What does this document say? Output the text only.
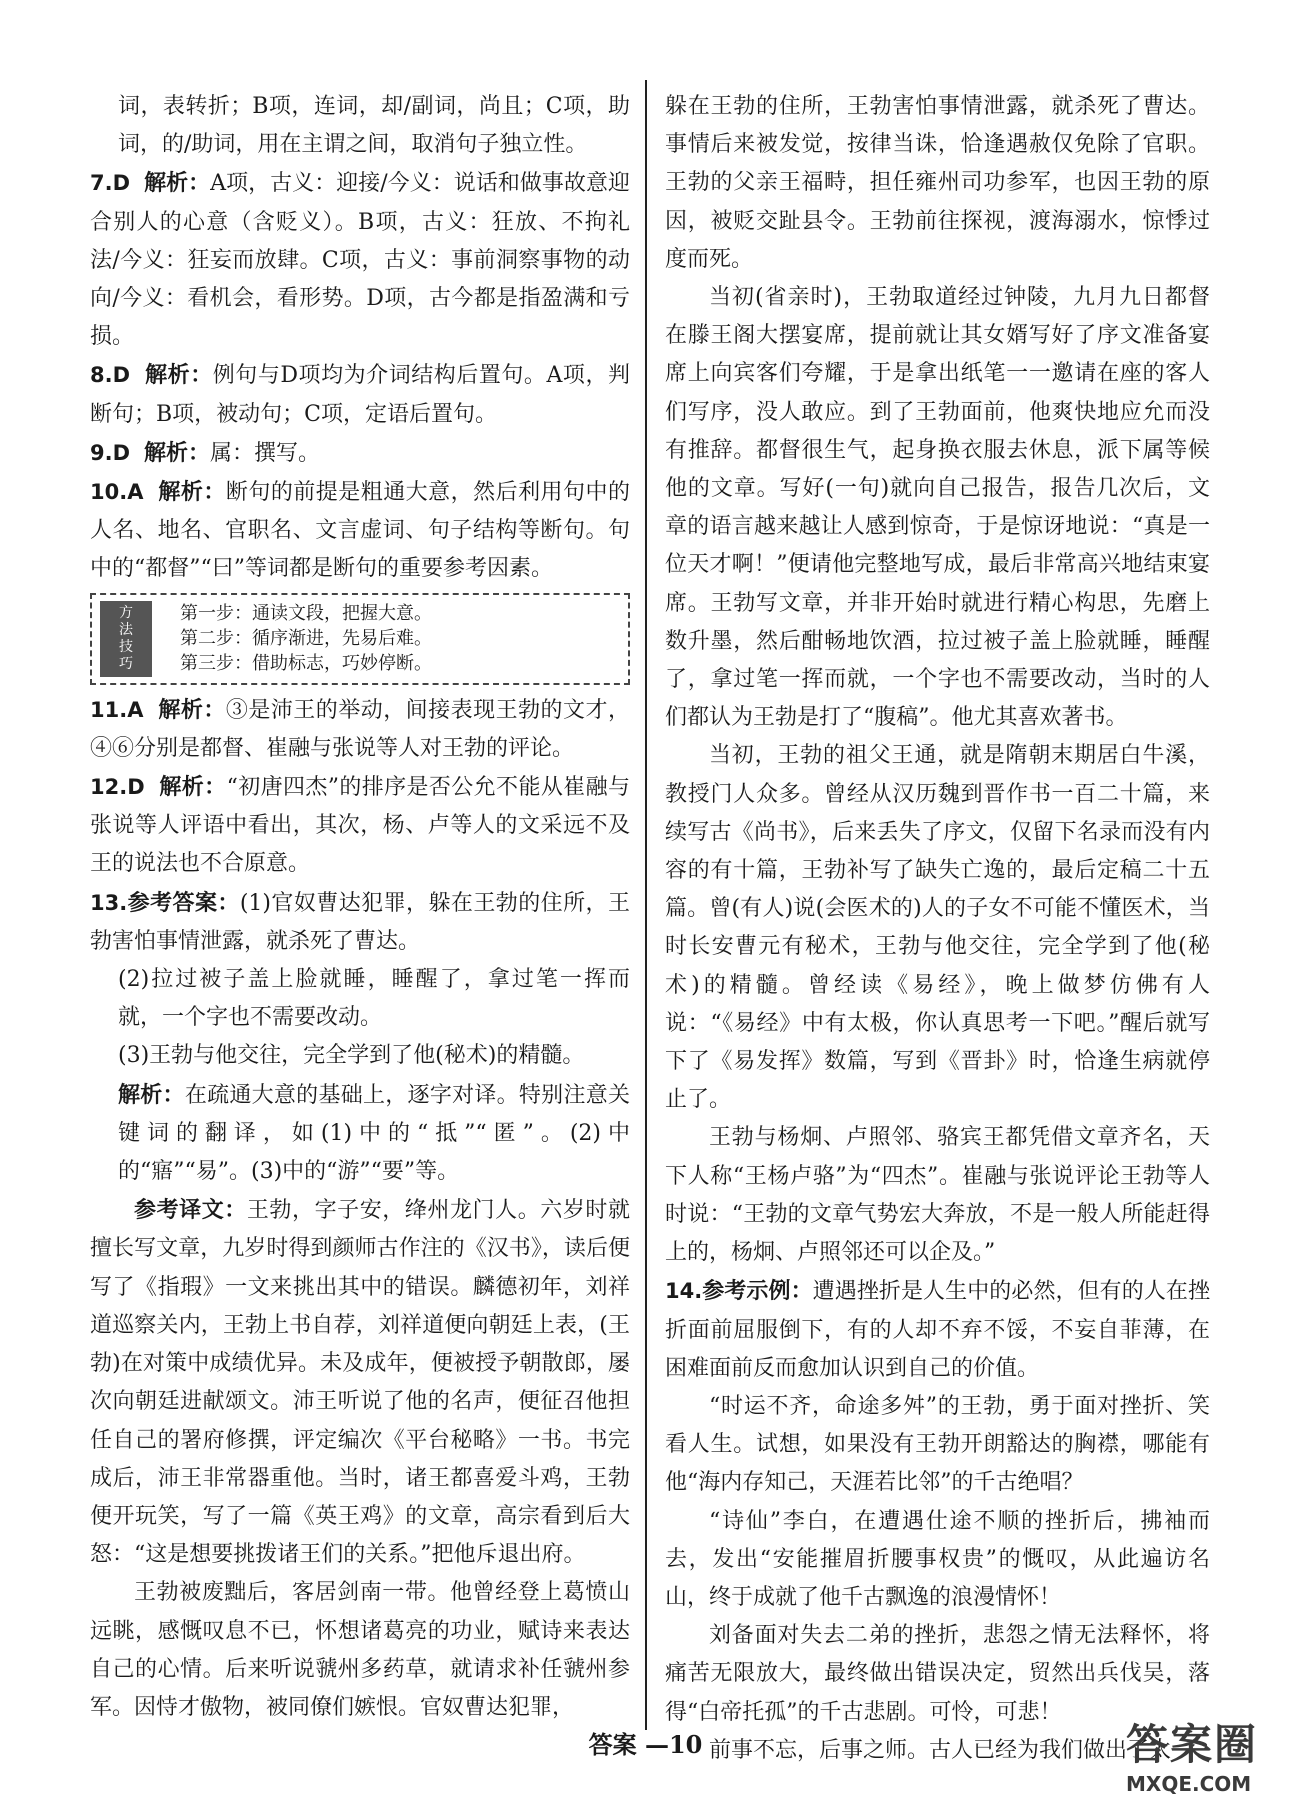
词，表转折；B项，连词，却/副词，尚且；C项，助词，的/助词，用在主谓之间，取消句子独立性。

7.D 解析：A项，古义：迎接/今义：说话和做事故意迎合别人的心意（含贬义）。B项，古义：狂放、不拘礼法/今义：狂妄而放肆。C项，古义：事前洞察事物的动向/今义：看机会，看形势。D项，古今都是指盈满和亏损。

8.D 解析：例句与D项均为介词结构后置句。A项，判断句；B项，被动句；C项，定语后置句。

9.D 解析：属：撰写。

10.A 解析：断句的前提是粗通大意，然后利用句中的人名、地名、官职名、文言虚词、句子结构等断句。句中的“都督”“曰”等词都是断句的重要参考因素。

方
法
技
巧

第一步：通读文段，把握大意。

第二步：循序渐进，先易后难。

第三步：借助标志，巧妙停断。

11.A 解析：③是沛王的举动，间接表现王勃的文才，④⑥分别是都督、崔融与张说等人对王勃的评论。

12.D 解析：“初唐四杰”的排序是否公允不能从崔融与张说等人评语中看出，其次，杨、卢等人的文采远不及王的说法也不合原意。

13.参考答案：(1)官奴曹达犯罪，躲在王勃的住所，王勃害怕事情泄露，就杀死了曹达。

(2)拉过被子盖上脸就睡，睡醒了，拿过笔一挥而就，一个字也不需要改动。

(3)王勃与他交往，完全学到了他(秘术)的精髓。

解析：在疏通大意的基础上，逐字对译。特别注意关键词的翻译，如(1)中的“抵”“匿”。(2)中的“寤”“易”。(3)中的“游”“要”等。

参考译文：王勃，字子安，绛州龙门人。六岁时就擅长写文章，九岁时得到颜师古作注的《汉书》，读后便写了《指瑕》一文来挑出其中的错误。麟德初年，刘祥道巡察关内，王勃上书自荐，刘祥道便向朝廷上表，(王勃)在对策中成绩优异。未及成年，便被授予朝散郎，屡次向朝廷进献颂文。沛王听说了他的名声，便征召他担任自己的署府修撰，评定编次《平台秘略》一书。书完成后，沛王非常器重他。当时，诸王都喜爱斗鸡，王勃便开玩笑，写了一篇《英王鸡》的文章，高宗看到后大怒：“这是想要挑拨诸王们的关系。”把他斥退出府。

王勃被废黜后，客居剑南一带。他曾经登上葛愤山远眺，感慨叹息不已，怀想诸葛亮的功业，赋诗来表达自己的心情。后来听说虢州多药草，就请求补任虢州参军。因恃才傲物，被同僚们嫉恨。官奴曹达犯罪，

躲在王勃的住所，王勃害怕事情泄露，就杀死了曹达。事情后来被发觉，按律当诛，恰逢遇赦仅免除了官职。王勃的父亲王福畤，担任雍州司功参军，也因王勃的原因，被贬交趾县令。王勃前往探视，渡海溺水，惊悸过度而死。

当初(省亲时)，王勃取道经过钟陵，九月九日都督在滕王阁大摆宴席，提前就让其女婿写好了序文准备宴席上向宾客们夸耀，于是拿出纸笔一一邀请在座的客人们写序，没人敢应。到了王勃面前，他爽快地应允而没有推辞。都督很生气，起身换衣服去休息，派下属等候他的文章。写好(一句)就向自己报告，报告几次后，文章的语言越来越让人感到惊奇，于是惊讶地说：“真是一位天才啊！”便请他完整地写成，最后非常高兴地结束宴席。王勃写文章，并非开始时就进行精心构思，先磨上数升墨，然后酣畅地饮酒，拉过被子盖上脸就睡，睡醒了，拿过笔一挥而就，一个字也不需要改动，当时的人们都认为王勃是打了“腹稿”。他尤其喜欢著书。

当初，王勃的祖父王通，就是隋朝末期居白牛溪，教授门人众多。曾经从汉历魏到晋作书一百二十篇，来续写古《尚书》，后来丢失了序文，仅留下名录而没有内容的有十篇，王勃补写了缺失亡逸的，最后定稿二十五篇。曾(有人)说(会医术的)人的子女不可能不懂医术，当时长安曹元有秘术，王勃与他交往，完全学到了他(秘术)的精髓。曾经读《易经》，晚上做梦仿佛有人说：“《易经》中有太极，你认真思考一下吧。”醒后就写下了《易发挥》数篇，写到《晋卦》时，恰逢生病就停止了。

王勃与杨炯、卢照邻、骆宾王都凭借文章齐名，天下人称“王杨卢骆”为“四杰”。崔融与张说评论王勃等人时说：“王勃的文章气势宏大奔放，不是一般人所能赶得上的，杨炯、卢照邻还可以企及。”

14.参考示例：遭遇挫折是人生中的必然，但有的人在挫折面前屈服倒下，有的人却不弃不馁，不妄自菲薄，在困难面前反而愈加认识到自己的价值。

“时运不齐，命途多舛”的王勃，勇于面对挫折、笑看人生。试想，如果没有王勃开朗豁达的胸襟，哪能有他“海内存知己，天涯若比邻”的千古绝唱？

“诗仙”李白，在遭遇仕途不顺的挫折后，拂袖而去，发出“安能摧眉折腰事权贵”的慨叹，从此遍访名山，终于成就了他千古飘逸的浪漫情怀！

刘备面对失去二弟的挫折，悲怨之情无法释怀，将痛苦无限放大，最终做出错误决定，贸然出兵伐吴，落得“白帝托孤”的千古悲剧。可怜，可悲！

前事不忘，后事之师。古人已经为我们做出了太

答案 —10	答案圈
MXQE.COM
